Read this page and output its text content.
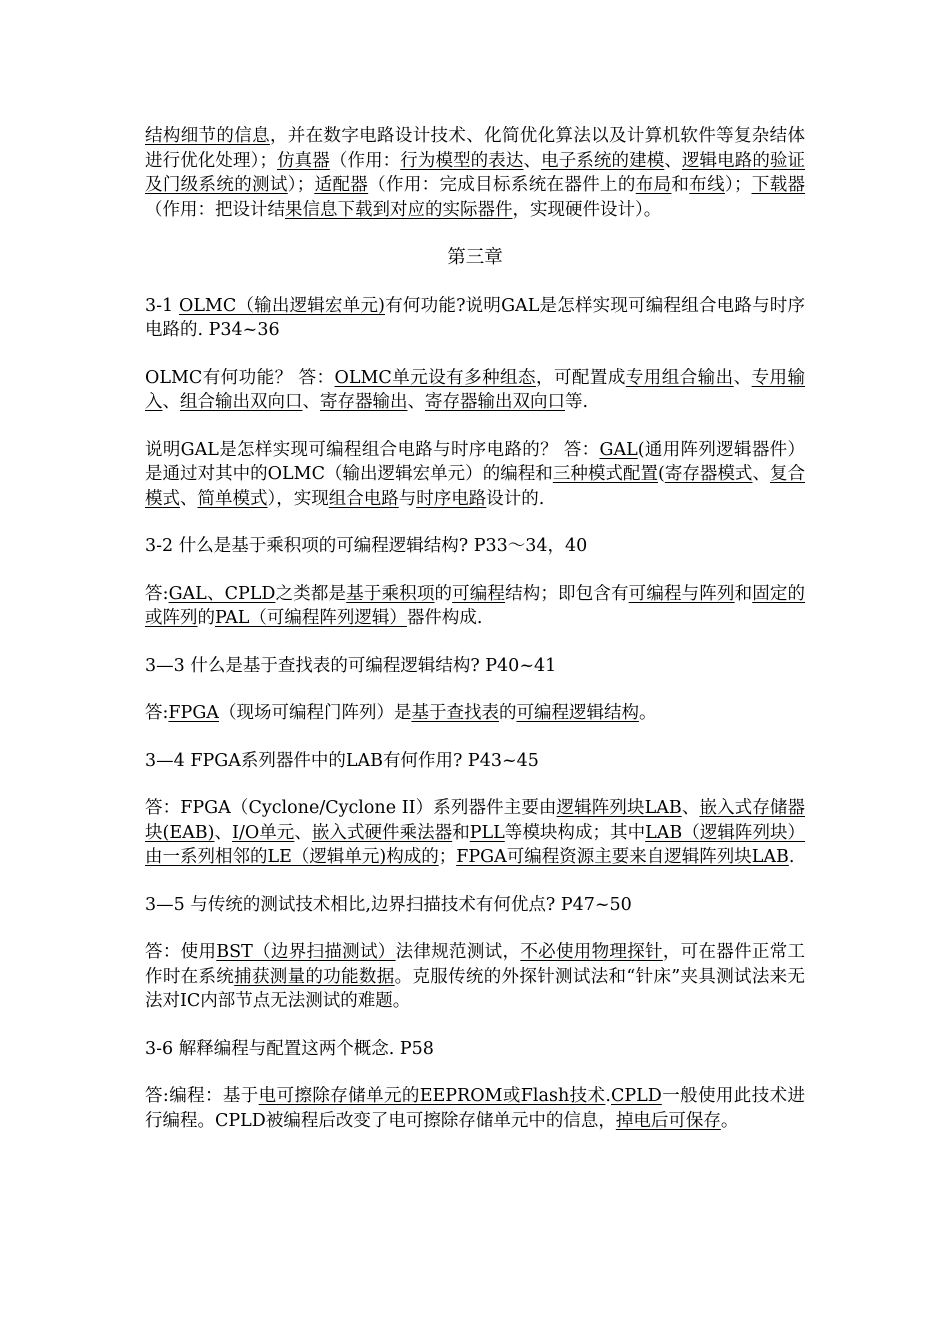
结构细节的信息，并在数字电路设计技术、化简优化算法以及计算机软件等复杂结体进行优化处理）；仿真器（作用：行为模型的表达、电子系统的建模、逻辑电路的验证及门级系统的测试）；适配器（作用：完成目标系统在器件上的布局和布线）；下载器（作用：把设计结果信息下载到对应的实际器件，实现硬件设计）。

第三章

3-1 OLMC（输出逻辑宏单元)有何功能?说明GAL是怎样实现可编程组合电路与时序电路的. P34~36

OLMC有何功能？ 答：OLMC单元设有多种组态，可配置成专用组合输出、专用输入、组合输出双向口、寄存器输出、寄存器输出双向口等.

说明GAL是怎样实现可编程组合电路与时序电路的？ 答：GAL(通用阵列逻辑器件）是通过对其中的OLMC（输出逻辑宏单元）的编程和三种模式配置(寄存器模式、复合模式、简单模式），实现组合电路与时序电路设计的.

3-2 什么是基于乘积项的可编程逻辑结构? P33～34，40

答:GAL、CPLD之类都是基于乘积项的可编程结构；即包含有可编程与阵列和固定的或阵列的PAL（可编程阵列逻辑）器件构成.

3—3 什么是基于查找表的可编程逻辑结构? P40~41

答:FPGA（现场可编程门阵列）是基于查找表的可编程逻辑结构。

3—4 FPGA系列器件中的LAB有何作用? P43~45

答：FPGA（Cyclone/Cyclone II）系列器件主要由逻辑阵列块LAB、嵌入式存储器块(EAB)、I/O单元、嵌入式硬件乘法器和PLL等模块构成；其中LAB（逻辑阵列块）由一系列相邻的LE（逻辑单元)构成的；FPGA可编程资源主要来自逻辑阵列块LAB.

3—5 与传统的测试技术相比,边界扫描技术有何优点? P47~50

答：使用BST（边界扫描测试）法律规范测试，不必使用物理探针，可在器件正常工作时在系统捕获测量的功能数据。克服传统的外探针测试法和“针床”夹具测试法来无法对IC内部节点无法测试的难题。

3-6 解释编程与配置这两个概念. P58

答:编程：基于电可擦除存储单元的EEPROM或Flash技术.CPLD一般使用此技术进行编程。CPLD被编程后改变了电可擦除存储单元中的信息，掉电后可保存。
